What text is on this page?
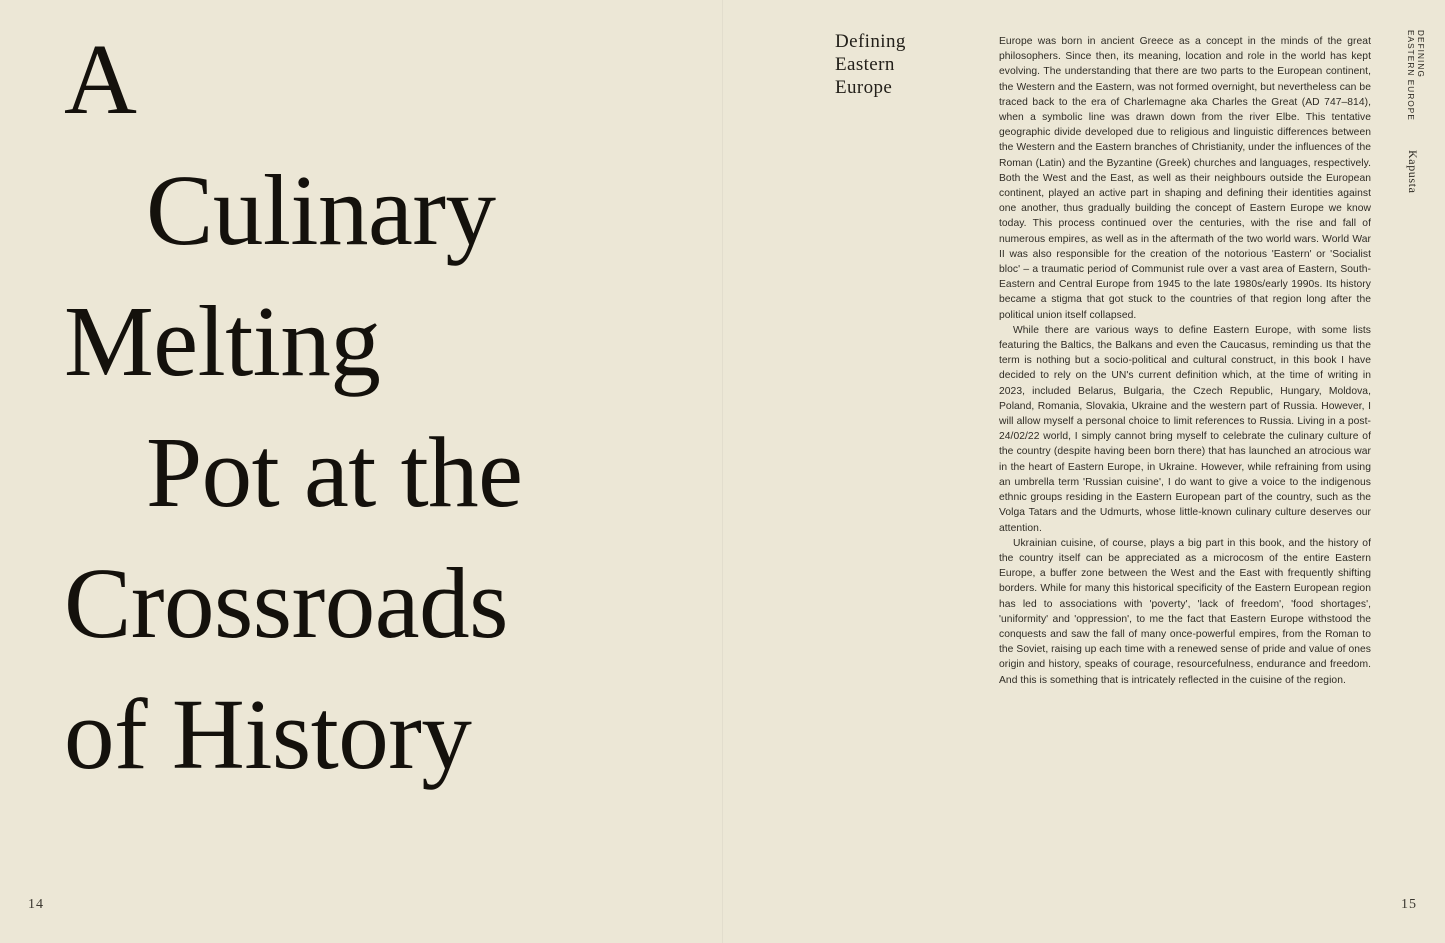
A
Culinary
Melting
Pot at the
Crossroads
of History
14
Defining
Eastern
Europe

Europe was born in ancient Greece as a concept in the minds of the great philosophers. Since then, its meaning, location and role in the world has kept evolving. The understanding that there are two parts to the European continent, the Western and the Eastern, was not formed overnight, but nevertheless can be traced back to the era of Charlemagne aka Charles the Great (AD 747–814), when a symbolic line was drawn down from the river Elbe. This tentative geographic divide developed due to religious and linguistic differences between the Western and the Eastern branches of Christianity, under the influences of the Roman (Latin) and the Byzantine (Greek) churches and languages, respectively. Both the West and the East, as well as their neighbours outside the European continent, played an active part in shaping and defining their identities against one another, thus gradually building the concept of Eastern Europe we know today. This process continued over the centuries, with the rise and fall of numerous empires, as well as in the aftermath of the two world wars. World War II was also responsible for the creation of the notorious 'Eastern' or 'Socialist bloc' – a traumatic period of Communist rule over a vast area of Eastern, South-Eastern and Central Europe from 1945 to the late 1980s/early 1990s. Its history became a stigma that got stuck to the countries of that region long after the political union itself collapsed.

While there are various ways to define Eastern Europe, with some lists featuring the Baltics, the Balkans and even the Caucasus, reminding us that the term is nothing but a socio-political and cultural construct, in this book I have decided to rely on the UN's current definition which, at the time of writing in 2023, included Belarus, Bulgaria, the Czech Republic, Hungary, Moldova, Poland, Romania, Slovakia, Ukraine and the western part of Russia. However, I will allow myself a personal choice to limit references to Russia. Living in a post-24/02/22 world, I simply cannot bring myself to celebrate the culinary culture of the country (despite having been born there) that has launched an atrocious war in the heart of Eastern Europe, in Ukraine. However, while refraining from using an umbrella term 'Russian cuisine', I do want to give a voice to the indigenous ethnic groups residing in the Eastern European part of the country, such as the Volga Tatars and the Udmurts, whose little-known culinary culture deserves our attention.

Ukrainian cuisine, of course, plays a big part in this book, and the history of the country itself can be appreciated as a microcosm of the entire Eastern Europe, a buffer zone between the West and the East with frequently shifting borders. While for many this historical specificity of the Eastern European region has led to associations with 'poverty', 'lack of freedom', 'food shortages', 'uniformity' and 'oppression', to me the fact that Eastern Europe withstood the conquests and saw the fall of many once-powerful empires, from the Roman to the Soviet, raising up each time with a renewed sense of pride and value of ones origin and history, speaks of courage, resourcefulness, endurance and freedom. And this is something that is intricately reflected in the cuisine of the region.

DEFINING
EASTERN EUROPE
Kapusta
15
